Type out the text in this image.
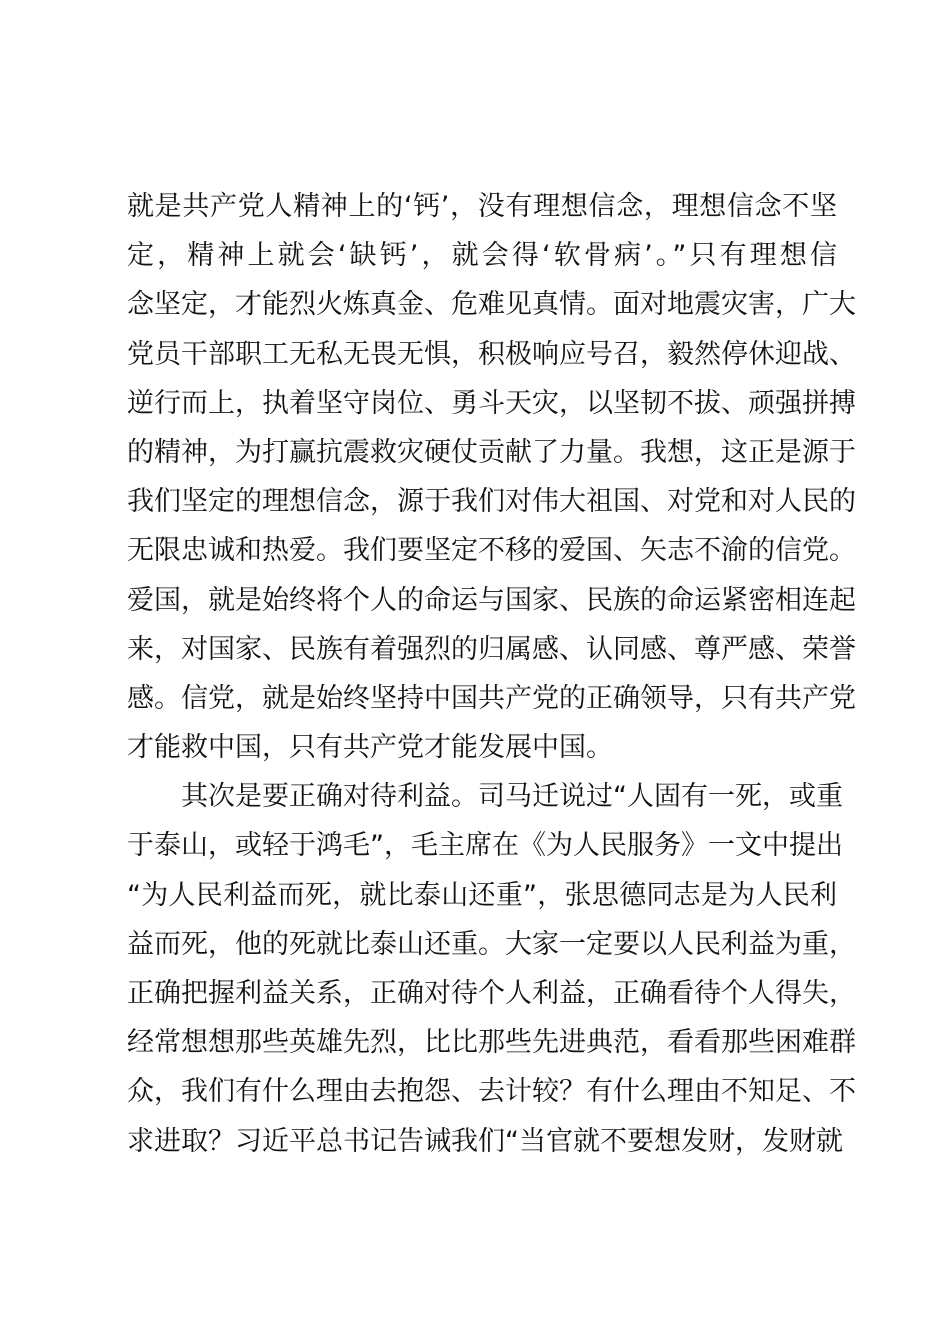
就是共产党人精神上的‘钙’，没有理想信念，理想信念不坚
定，精神上就会‘缺钙’，就会得‘软骨病’。”只有理想信
念坚定，才能烈火炼真金、危难见真情。面对地震灾害，广大
党员干部职工无私无畏无惧，积极响应号召，毅然停休迎战、
逆行而上，执着坚守岗位、勇斗天灾，以坚韧不拔、顽强拼搏
的精神，为打赢抗震救灾硬仗贡献了力量。我想，这正是源于
我们坚定的理想信念，源于我们对伟大祖国、对党和对人民的
无限忠诚和热爱。我们要坚定不移的爱国、矢志不渝的信党。
爱国，就是始终将个人的命运与国家、民族的命运紧密相连起
来，对国家、民族有着强烈的归属感、认同感、尊严感、荣誉
感。信党，就是始终坚持中国共产党的正确领导，只有共产党
才能救中国，只有共产党才能发展中国。
其次是要正确对待利益。司马迁说过“人固有一死，或重
于泰山，或轻于鸿毛”，毛主席在《为人民服务》一文中提出
“为人民利益而死，就比泰山还重”，张思德同志是为人民利
益而死，他的死就比泰山还重。大家一定要以人民利益为重，
正确把握利益关系，正确对待个人利益，正确看待个人得失，
经常想想那些英雄先烈，比比那些先进典范，看看那些困难群
众，我们有什么理由去抱怨、去计较？有什么理由不知足、不
求进取？习近平总书记告诫我们“当官就不要想发财，发财就
